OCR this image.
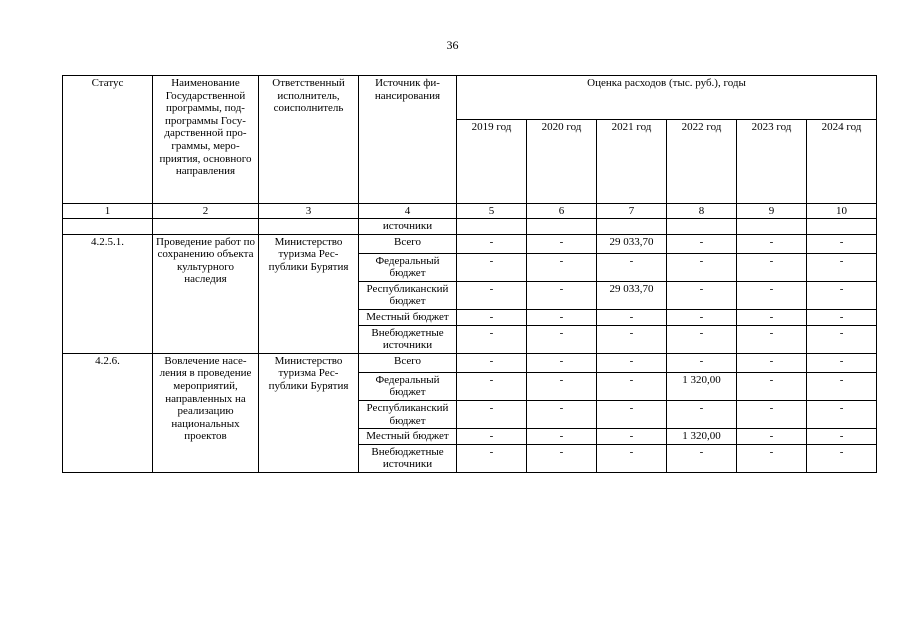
36
Статус	Наименование Государственной программы, подпрограммы Государственной программы, мероприятия, основного направления	Ответственный исполнитель, соисполнитель	Источник финансирования	Оценка расходов (тыс. руб.), годы					
				2019 год	2020 год	2021 год	2022 год	2023 год	2024 год
1	2	3	4	5	6	7	8	9	10
			источники						
4.2.5.1.	Проведение работ по сохранению объекта культурного наследия	Министерство туризма Республики Бурятия	Всего	-	-	29 033,70	-	-	-
			Федеральный бюджет	-	-	-	-	-	-
			Республиканский бюджет	-	-	29 033,70	-	-	-
			Местный бюджет	-	-	-	-	-	-
			Внебюджетные источники	-	-	-	-	-	-
4.2.6.	Вовлечение населения в проведение мероприятий, направленных на реализацию национальных проектов	Министерство туризма Республики Бурятия	Всего	-	-	-	-	-	-
			Федеральный бюджет	-	-	-	1 320,00	-	-
			Республиканский бюджет	-	-	-	-	-	-
			Местный бюджет	-	-	-	1 320,00	-	-
			Внебюджетные источники	-	-	-	-	-	-
